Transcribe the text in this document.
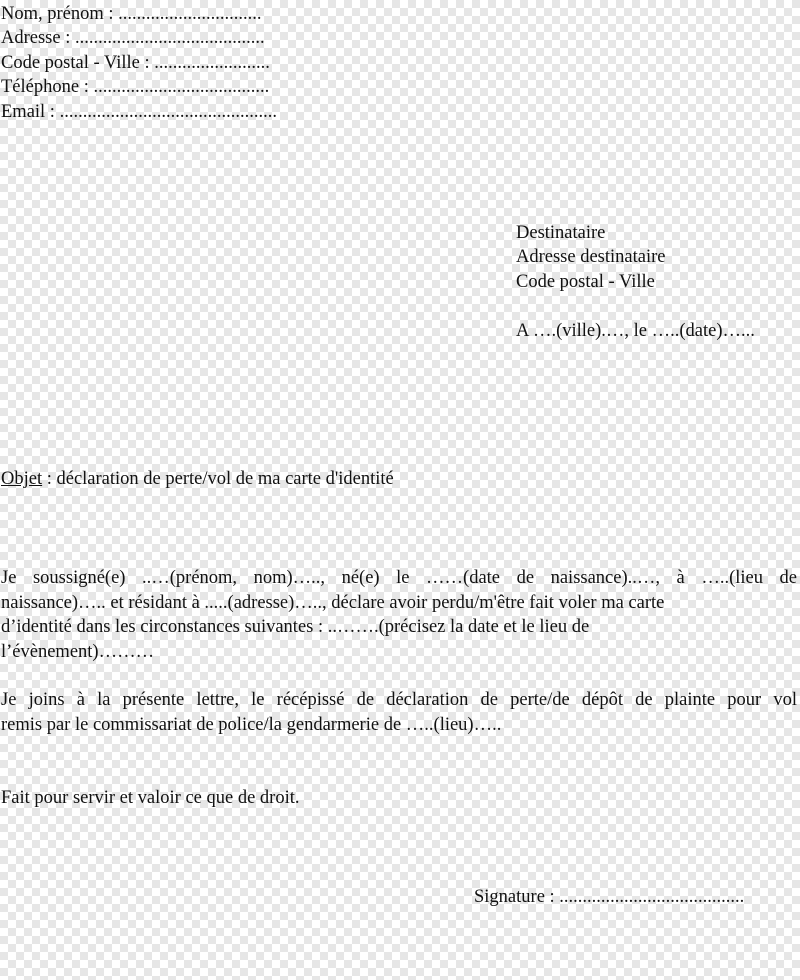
Nom, prénom : ...............................
Adresse : .........................................
Code postal - Ville : .........................
Téléphone : ......................................
Email : ...............................................
Destinataire
Adresse destinataire
Code postal - Ville
A ….(ville).…, le …..(date)…...
Objet : déclaration de perte/vol de ma carte d'identité
Je soussigné(e) ..…(prénom, nom)….., né(e) le ……(date de naissance)..…, à …..(lieu de
naissance)….. et résidant à .....(adresse)….., déclare avoir perdu/m'être fait voler ma carte
d’identité dans les circonstances suivantes : ..…….(précisez la date et le lieu de
l’évènement)………
Je joins à la présente lettre, le récépissé de déclaration de perte/de dépôt de plainte pour vol
remis par le commissariat de police/la gendarmerie de …..(lieu)…..
Fait pour servir et valoir ce que de droit.
Signature : ........................................
